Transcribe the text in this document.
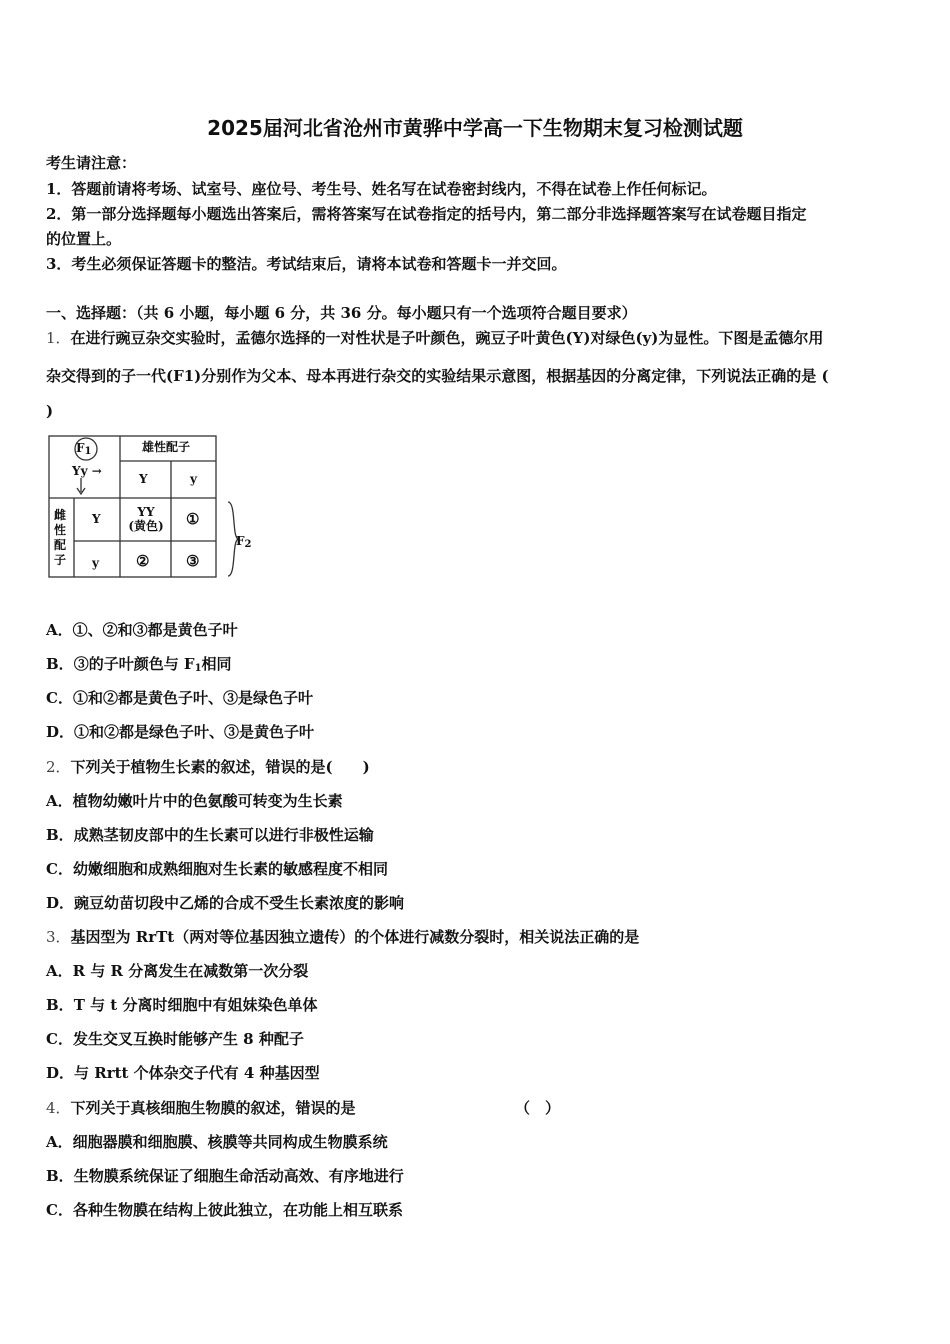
2025届河北省沧州市黄骅中学高一下生物期末复习检测试题
考生请注意：
1．答题前请将考场、试室号、座位号、考生号、姓名写在试卷密封线内，不得在试卷上作任何标记。
2．第一部分选择题每小题选出答案后，需将答案写在试卷指定的括号内，第二部分非选择题答案写在试卷题目指定
的位置上。
3．考生必须保证答题卡的整洁。考试结束后，请将本试卷和答题卡一并交回。
一、选择题：（共 6 小题，每小题 6 分，共 36 分。每小题只有一个选项符合题目要求）
1．在进行豌豆杂交实验时，孟德尔选择的一对性状是子叶颜色，豌豆子叶黄色(Y)对绿色(y)为显性。下图是孟德尔用
杂交得到的子一代(F1)分别作为父本、母本再进行杂交的实验结果示意图，根据基因的分离定律，下列说法正确的是 (
)
$F_1$
Yy →
雄性配子
Y	y
雌
性
配
子
Y
y
YY
(黄色) ①
② ③
$F_2$
A．①、②和③都是黄色子叶
B．③的子叶颜色与 $F_1$相同
C．①和②都是黄色子叶、③是绿色子叶
D．①和②都是绿色子叶、③是黄色子叶
2．下列关于植物生长素的叙述，错误的是(　　)
A．植物幼嫩叶片中的色氨酸可转变为生长素
B．成熟茎韧皮部中的生长素可以进行非极性运输
C．幼嫩细胞和成熟细胞对生长素的敏感程度不相同
D．豌豆幼苗切段中乙烯的合成不受生长素浓度的影响
3．基因型为 RrTt（两对等位基因独立遗传）的个体进行减数分裂时，相关说法正确的是
A．R 与 R 分离发生在减数第一次分裂
B．T 与 t 分离时细胞中有姐妹染色单体
C．发生交叉互换时能够产生 8 种配子
D．与 Rrtt 个体杂交子代有 4 种基因型
4．下列关于真核细胞生物膜的叙述，错误的是	（　）
A．细胞器膜和细胞膜、核膜等共同构成生物膜系统
B．生物膜系统保证了细胞生命活动高效、有序地进行
C．各种生物膜在结构上彼此独立，在功能上相互联系
